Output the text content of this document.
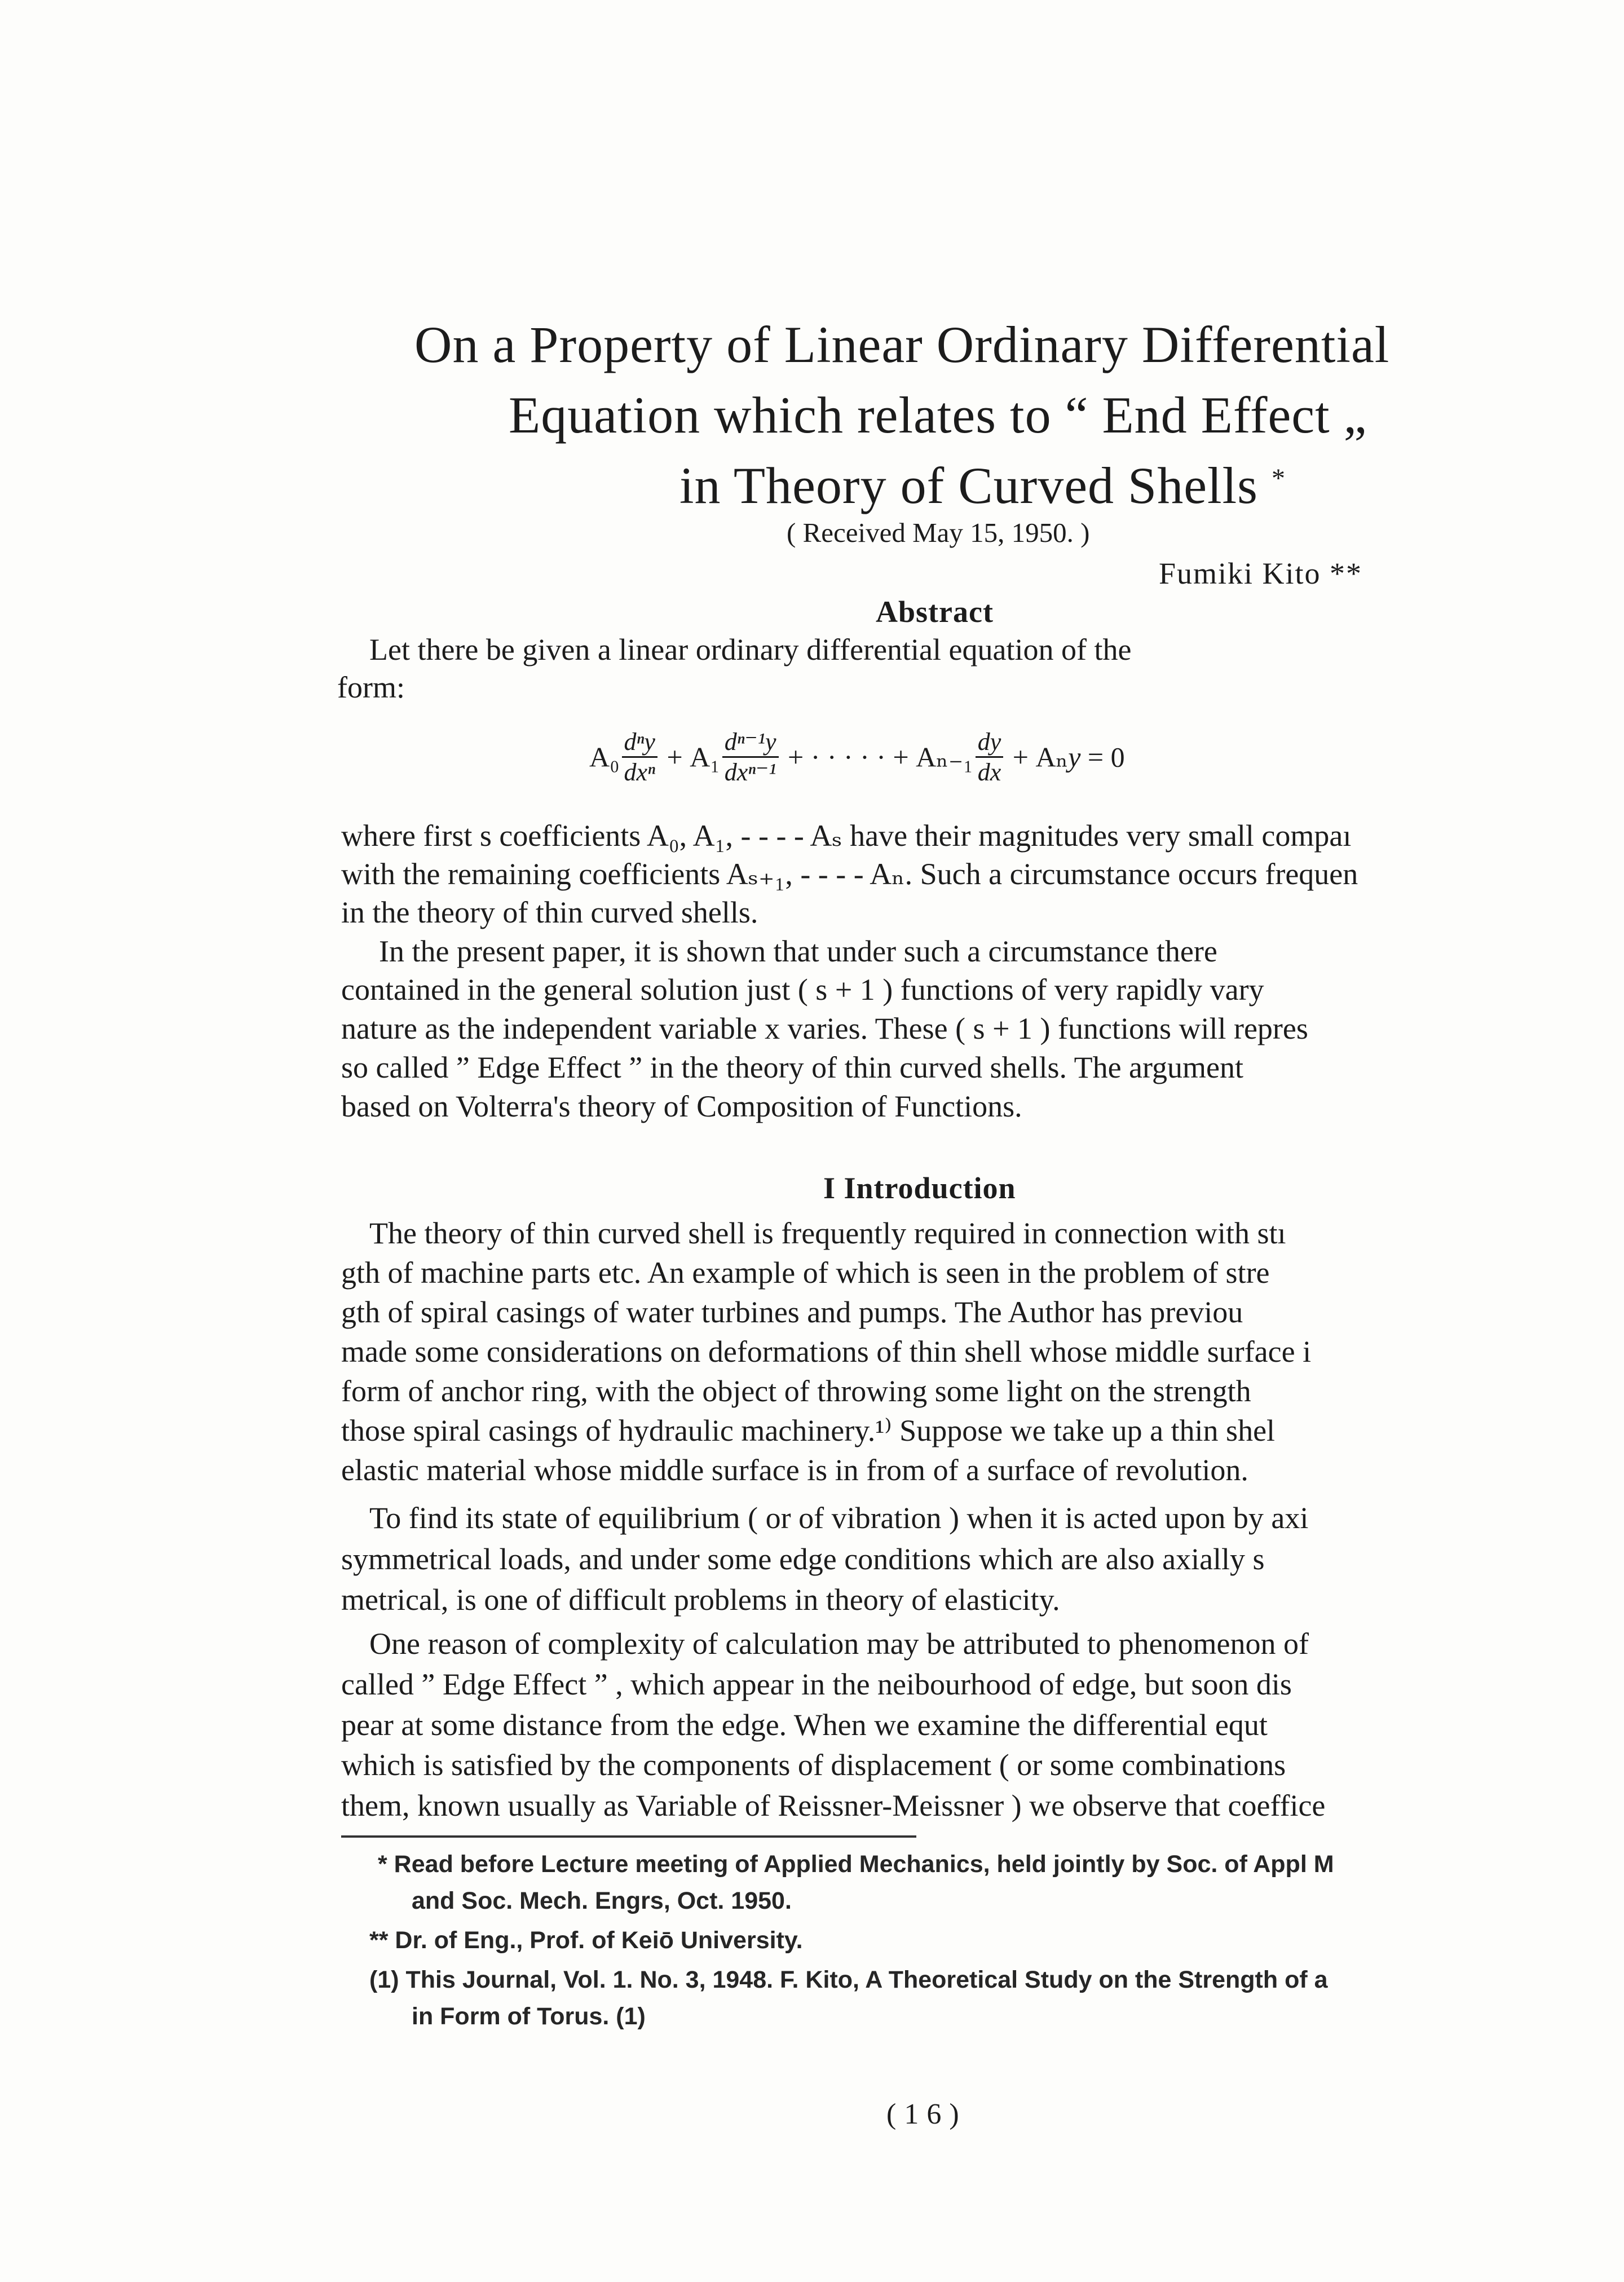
On a Property of Linear Ordinary Differential
Equation which relates to “ End Effect „
in Theory of Curved Shells *
( Received May 15, 1950. )
Fumiki Kito **
Abstract
Let there be given a linear ordinary differential equation of the
form:
$A_0 \frac{\text{dⁿy}}{\text{dxⁿ}} + A_1 \frac{\text{dⁿ⁻¹y}}{\text{dxⁿ⁻¹}}$ + · · · · · + $A_{n-1} \frac{dy}{dx} + A_ny = 0$
where first s coefficients A₀, A₁, - - - - Aₛ have their magnitudes very small compaı
with the remaining coefficients Aₛ₊₁, - - - - Aₙ. Such a circumstance occurs frequen
in the theory of thin curved shells.
In the present paper, it is shown that under such a circumstance there
contained in the general solution just ( s + 1 ) functions of very rapidly vary
nature as the independent variable x varies. These ( s + 1 ) functions will repres
so called ” Edge Effect ” in the theory of thin curved shells. The argument
based on Volterra's theory of Composition of Functions.
I Introduction
The theory of thin curved shell is frequently required in connection with stı
gth of machine parts etc. An example of which is seen in the problem of stre
gth of spiral casings of water turbines and pumps. The Author has previou
made some considerations on deformations of thin shell whose middle surface i
form of anchor ring, with the object of throwing some light on the strength
those spiral casings of hydraulic machinery.¹⁾ Suppose we take up a thin shel
elastic material whose middle surface is in from of a surface of revolution.
To find its state of equilibrium ( or of vibration ) when it is acted upon by axi
symmetrical loads, and under some edge conditions which are also axially s
metrical, is one of difficult problems in theory of elasticity.
One reason of complexity of calculation may be attributed to phenomenon of
called ” Edge Effect ” , which appear in the neibourhood of edge, but soon dis
pear at some distance from the edge. When we examine the differential equt
which is satisfied by the components of displacement ( or some combinations
them, known usually as Variable of Reissner-Meissner ) we observe that coeffice
* Read before Lecture meeting of Applied Mechanics, held jointly by Soc. of Appl M
and Soc. Mech. Engrs, Oct. 1950.
** Dr. of Eng., Prof. of Keiō University.
(1) This Journal, Vol. 1. No. 3, 1948. F. Kito, A Theoretical Study on the Strength of a
in Form of Torus. (1)
(16)
